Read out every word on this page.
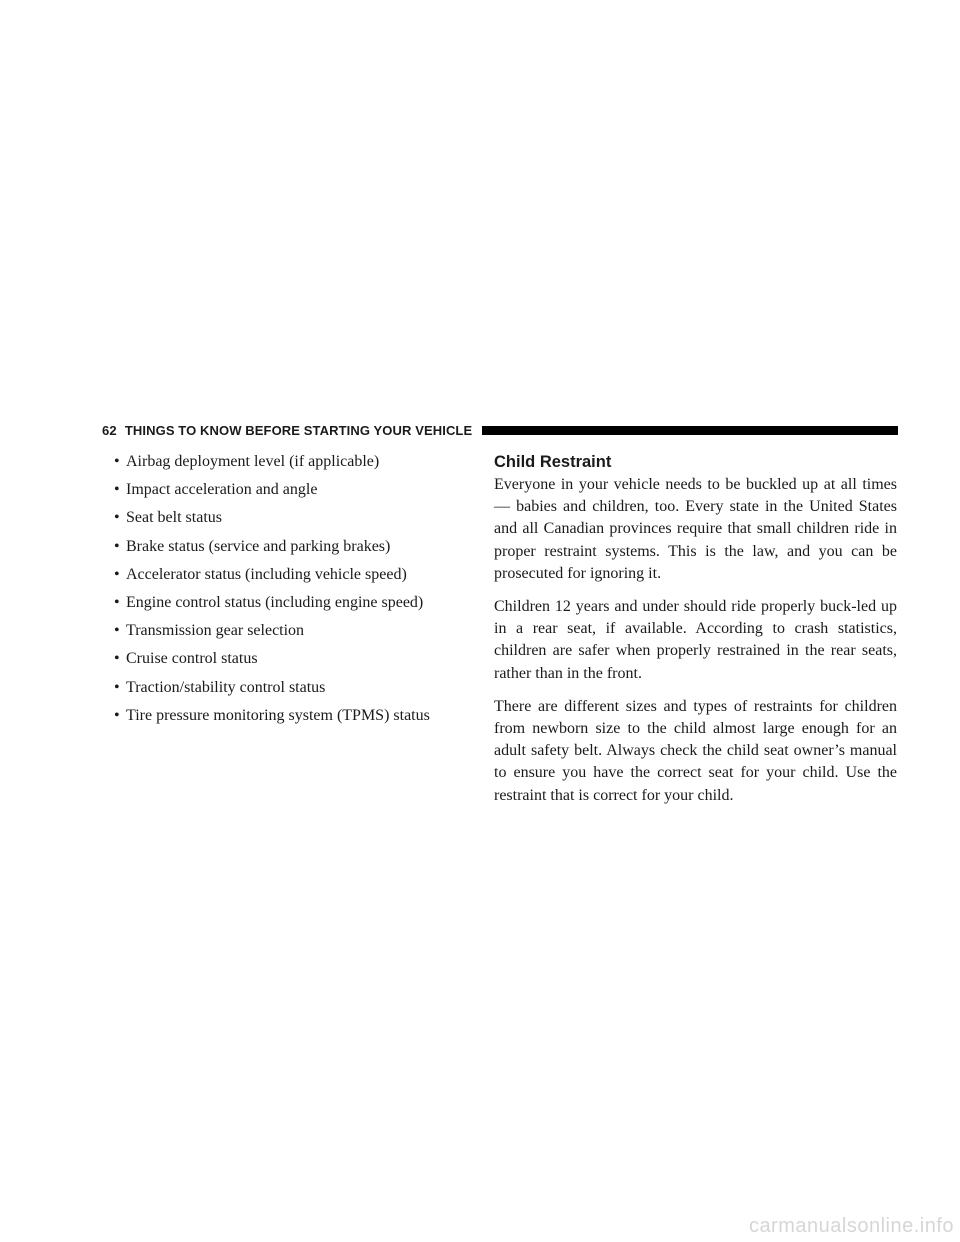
62 THINGS TO KNOW BEFORE STARTING YOUR VEHICLE
• Airbag deployment level (if applicable)
• Impact acceleration and angle
• Seat belt status
• Brake status (service and parking brakes)
• Accelerator status (including vehicle speed)
• Engine control status (including engine speed)
• Transmission gear selection
• Cruise control status
• Traction/stability control status
• Tire pressure monitoring system (TPMS) status
Child Restraint

Everyone in your vehicle needs to be buckled up at all times — babies and children, too. Every state in the United States and all Canadian provinces require that small children ride in proper restraint systems. This is the law, and you can be prosecuted for ignoring it.

Children 12 years and under should ride properly buck-led up in a rear seat, if available. According to crash statistics, children are safer when properly restrained in the rear seats, rather than in the front.

There are different sizes and types of restraints for children from newborn size to the child almost large enough for an adult safety belt. Always check the child seat owner’s manual to ensure you have the correct seat for your child. Use the restraint that is correct for your child.

carmanualsonline.info
